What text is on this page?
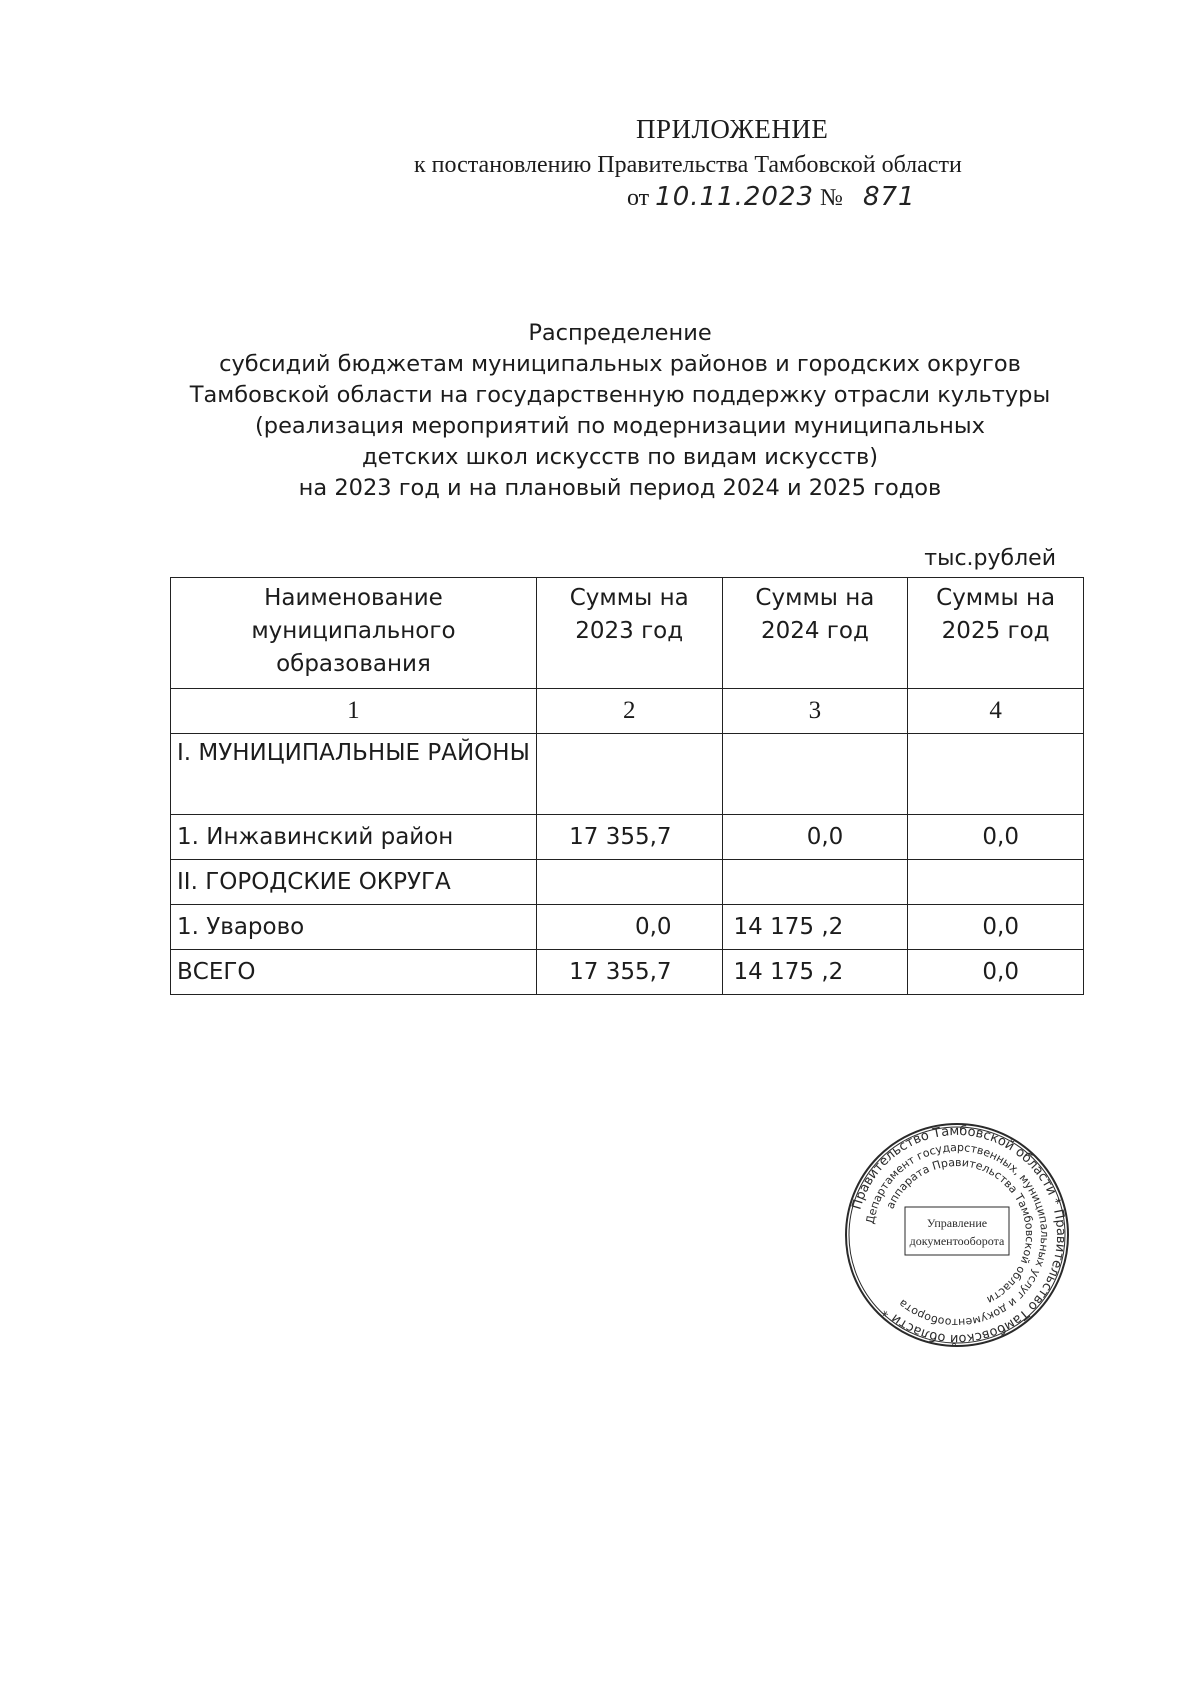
ПРИЛОЖЕНИЕ
к постановлению Правительства Тамбовской области
от 10.11.2023 № 871
Распределение
субсидий бюджетам муниципальных районов и городских округов
Тамбовской области на государственную поддержку отрасли культуры
(реализация мероприятий по модернизации муниципальных
детских школ искусств по видам искусств)
на 2023 год и на плановый период 2024 и 2025 годов
тыс.рублей
Наименование муниципального образования	Суммы на 2023 год	Суммы на 2024 год	Суммы на 2025 год
1	2	3	4
I. МУНИЦИПАЛЬНЫЕ РАЙОНЫ			
1. Инжавинский район	17 355,7	0,0	0,0
II. ГОРОДСКИЕ ОКРУГА			
1. Уварово	0,0	14 175 ,2	0,0
ВСЕГО	17 355,7	14 175 ,2	0,0
Правительство Тамбовской области * Правительство Тамбовской области *
Департамент государственных, муниципальных услуг и документооборота
аппарата Правительства Тамбовской области
Управление
документооборота
